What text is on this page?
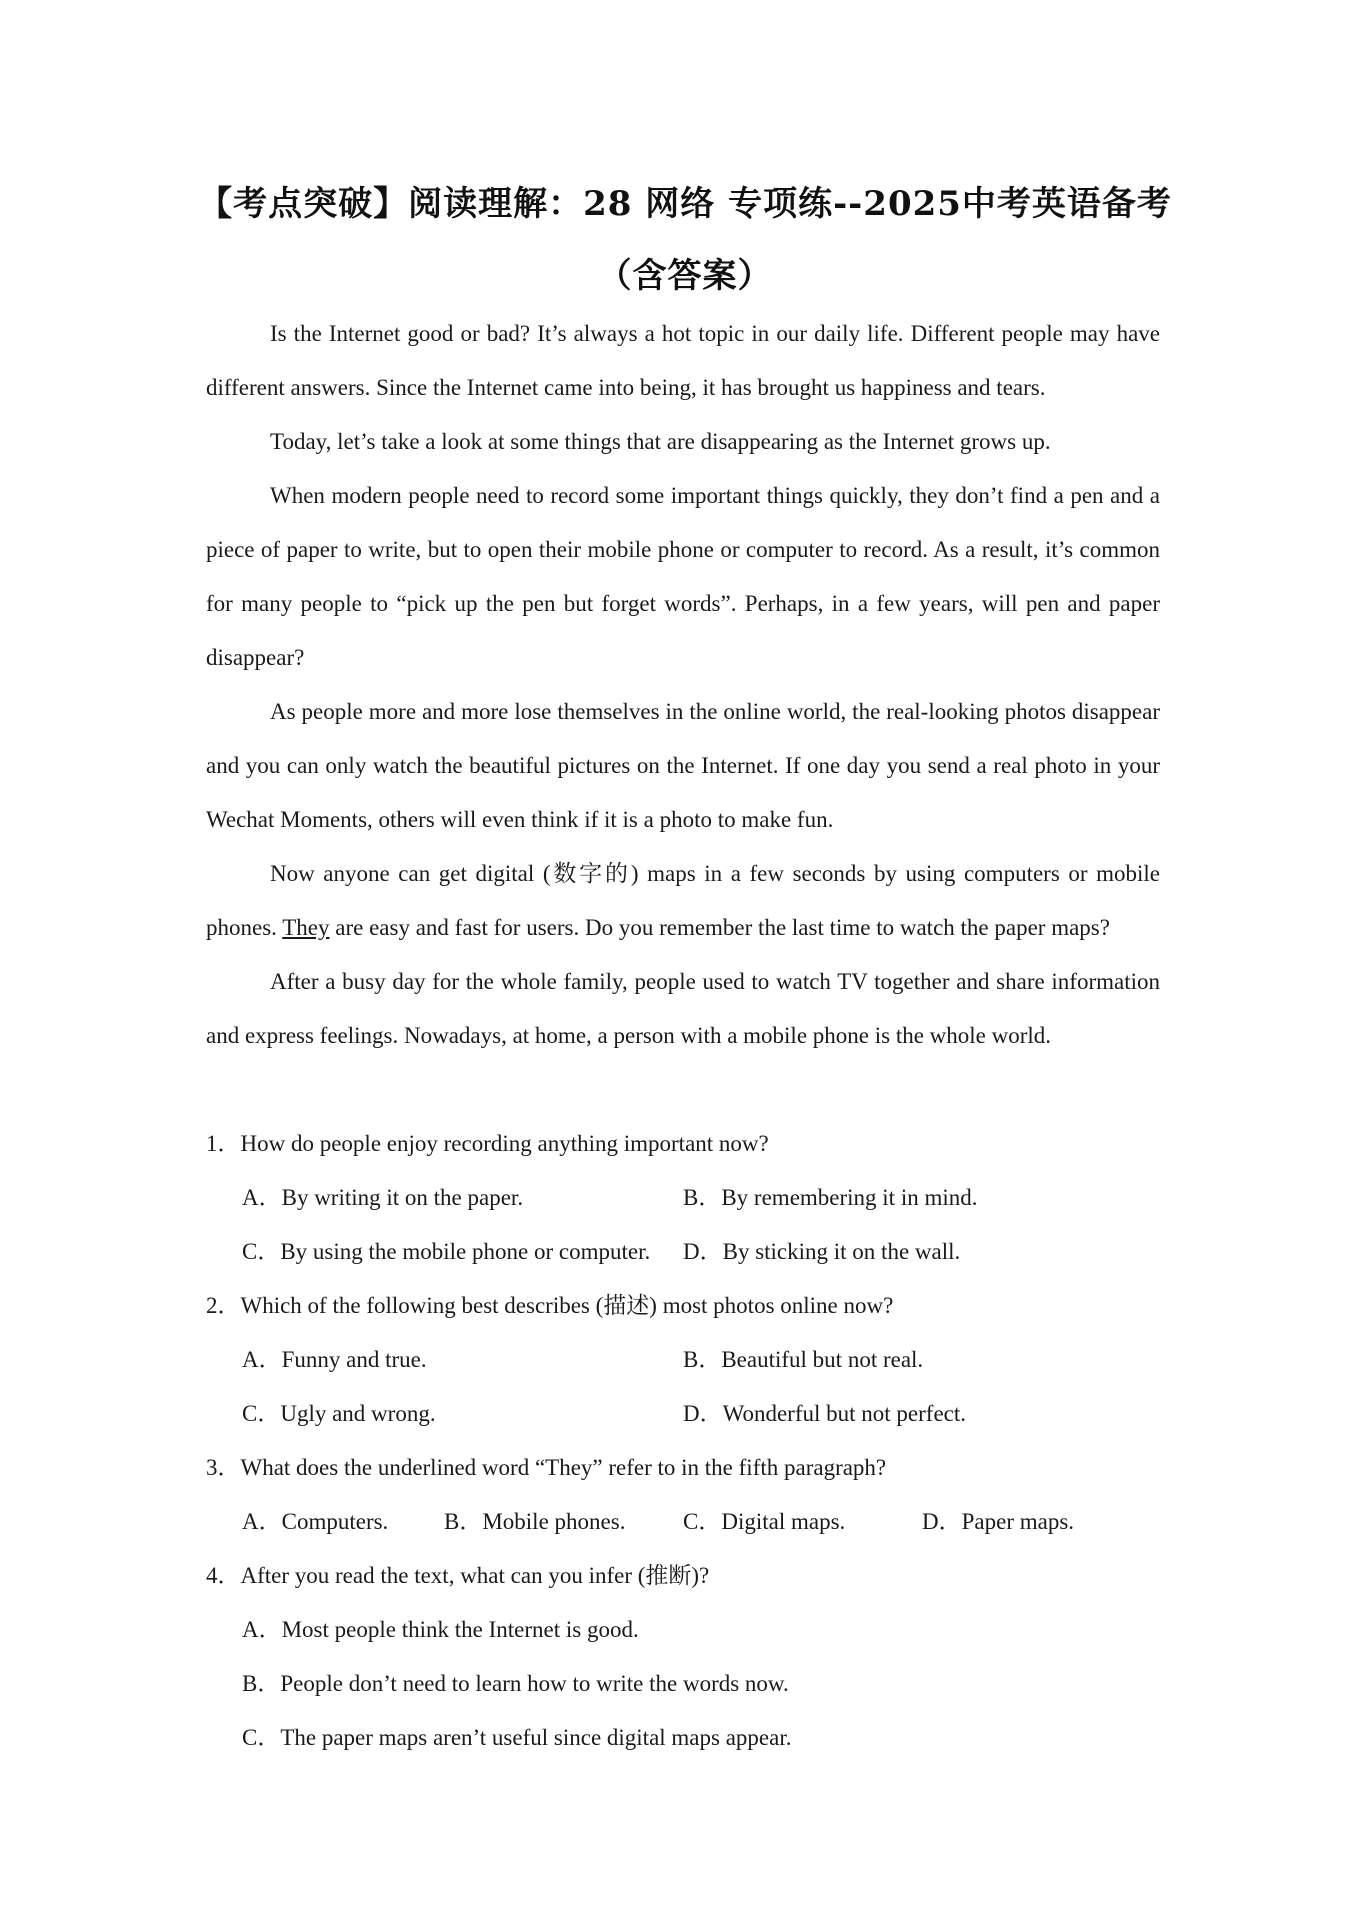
【考点突破】阅读理解：28 网络 专项练--2025中考英语备考
（含答案）

Is the Internet good or bad? It’s always a hot topic in our daily life. Different people may have different answers. Since the Internet came into being, it has brought us happiness and tears.

Today, let’s take a look at some things that are disappearing as the Internet grows up.

When modern people need to record some important things quickly, they don’t find a pen and a piece of paper to write, but to open their mobile phone or computer to record. As a result, it’s common for many people to “pick up the pen but forget words”. Perhaps, in a few years, will pen and paper disappear?

As people more and more lose themselves in the online world, the real-looking photos disappear and you can only watch the beautiful pictures on the Internet. If one day you send a real photo in your Wechat Moments, others will even think if it is a photo to make fun.

Now anyone can get digital (数字的) maps in a few seconds by using computers or mobile phones. They are easy and fast for users. Do you remember the last time to watch the paper maps?

After a busy day for the whole family, people used to watch TV together and share information and express feelings. Nowadays, at home, a person with a mobile phone is the whole world.

1．How do people enjoy recording anything important now?

A．By writing it on the paper.	B．By remembering it in mind.
C．By using the mobile phone or computer. D．By sticking it on the wall.

2．Which of the following best describes (描述) most photos online now?

A．Funny and true.	B．Beautiful but not real.
C．Ugly and wrong.	D．Wonderful but not perfect.

3．What does the underlined word “They” refer to in the fifth paragraph?

A．Computers. B．Mobile phones.	C．Digital maps.	D．Paper maps.

4．After you read the text, what can you infer (推断)?

A．Most people think the Internet is good.
B．People don’t need to learn how to write the words now.
C．The paper maps aren’t useful since digital maps appear.
